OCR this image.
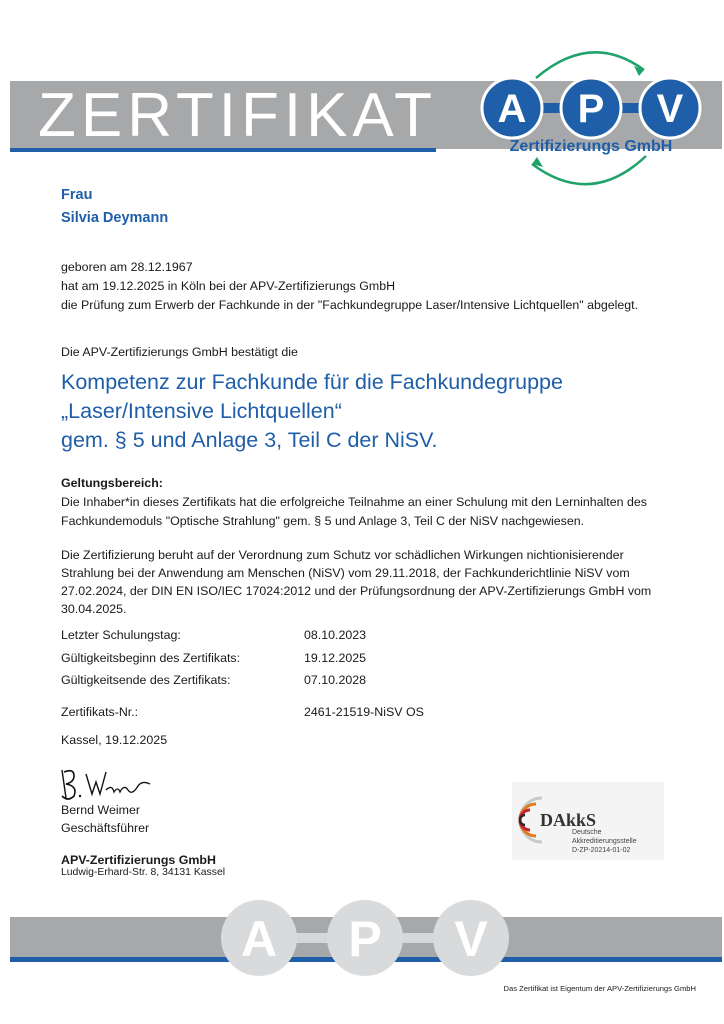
ZERTIFIKAT A P V
Zertifizierungs GmbH
Frau
Silvia Deymann
geboren am 28.12.1967
hat am 19.12.2025 in Köln bei der APV-Zertifizierungs GmbH
die Prüfung zum Erwerb der Fachkunde in der "Fachkundegruppe Laser/Intensive Lichtquellen" abgelegt.
Die APV-Zertifizierungs GmbH bestätigt die
Kompetenz zur Fachkunde für die Fachkundegruppe
„Laser/Intensive Lichtquellen“
gem. § 5 und Anlage 3, Teil C der NiSV.
Geltungsbereich:
Die Inhaber*in dieses Zertifikats hat die erfolgreiche Teilnahme an einer Schulung mit den Lerninhalten des
Fachkundemoduls "Optische Strahlung" gem. § 5 und Anlage 3, Teil C der NiSV nachgewiesen.
Die Zertifizierung beruht auf der Verordnung zum Schutz vor schädlichen Wirkungen nichtionisierender
Strahlung bei der Anwendung am Menschen (NiSV) vom 29.11.2018, der Fachkunderichtlinie NiSV vom
27.02.2024, der DIN EN ISO/IEC 17024:2012 und der Prüfungsordnung der APV-Zertifizierungs GmbH vom
30.04.2025.
Letzter Schulungstag:	08.10.2023
Gültigkeitsbeginn des Zertifikats:	19.12.2025
Gültigkeitsende des Zertifikats:	07.10.2028
Zertifikats-Nr.:	2461-21519-NiSV OS
Kassel, 19.12.2025
Bernd Weimer
Geschäftsführer
APV-Zertifizierungs GmbH
Ludwig-Erhard-Str. 8, 34131 Kassel
DAkkS
Deutsche
Akkreditierungsstelle
D-ZP-20214-01-02
A P V
Das Zertifikat ist Eigentum der APV-Zertifizierungs GmbH
